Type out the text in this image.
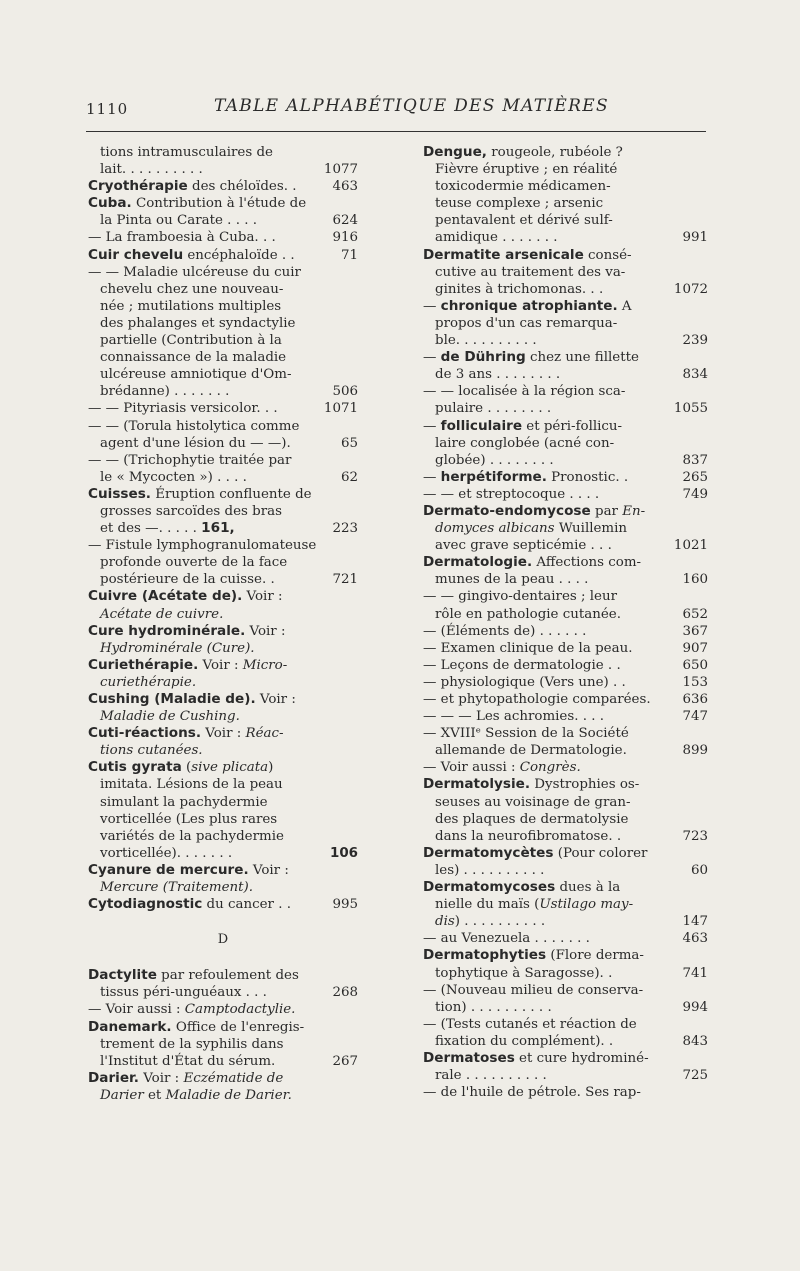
1110	TABLE ALPHABÉTIQUE DES MATIÈRES
tions intramusculaires de
lait. . . . . . . . . .	1077
Cryothérapie des chéloïdes. .	463
Cuba. Contribution à l'étude de
la Pinta ou Carate . . . .	624
— La framboesia à Cuba. . .	916
Cuir chevelu encéphaloïde . .	71
— — Maladie ulcéreuse du cuir
chevelu chez une nouveau-
née ; mutilations multiples
des phalanges et syndactylie
partielle (Contribution à la
connaissance de la maladie
ulcéreuse amniotique d'Om-
brédanne) . . . . . . .	506
— — Pityriasis versicolor. . .	1071
— — (Torula histolytica comme
agent d'une lésion du — —).	65
— — (Trichophytie traitée par
le « Mycocten ») . . . .	62
Cuisses. Éruption confluente de
grosses sarcoïdes des bras
et des —. . . . . 161,	223
— Fistule lymphogranulomateuse
profonde ouverte de la face
postérieure de la cuisse. .	721
Cuivre (Acétate de). Voir :
Acétate de cuivre.
Cure hydrominérale. Voir :
Hydrominérale (Cure).
Curiethérapie. Voir : Micro-
curiethérapie.
Cushing (Maladie de). Voir :
Maladie de Cushing.
Cuti-réactions. Voir : Réac-
tions cutanées.
Cutis gyrata (sive plicata)
imitata. Lésions de la peau
simulant la pachydermie
vorticellée (Les plus rares
variétés de la pachydermie
vorticellée). . . . . . .	106
Cyanure de mercure. Voir :
Mercure (Traitement).
Cytodiagnostic du cancer . .	995
D
Dactylite par refoulement des
tissus péri-unguéaux . . .	268
— Voir aussi : Camptodactylie.
Danemark. Office de l'enregis-
trement de la syphilis dans
l'Institut d'État du sérum.	267
Darier. Voir : Eczématide de
Darier et Maladie de Darier.
Dengue, rougeole, rubéole ?
Fièvre éruptive ; en réalité
toxicodermie médicamen-
teuse complexe ; arsenic
pentavalent et dérivé sulf-
amidique . . . . . . .	991
Dermatite arsenicale consé-
cutive au traitement des va-
ginites à trichomonas. . .	1072
— chronique atrophiante. A
propos d'un cas remarqua-
ble. . . . . . . . . .	239
— de Dühring chez une fillette
de 3 ans . . . . . . . .	834
— — localisée à la région sca-
pulaire . . . . . . . .	1055
— folliculaire et péri-follicu-
laire conglobée (acné con-
globée) . . . . . . . .	837
— herpétiforme. Pronostic. .	265
— — et streptocoque . . . .	749
Dermato-endomycose par En-
domyces albicans Wuillemin
avec grave septicémie . . .	1021
Dermatologie. Affections com-
munes de la peau . . . .	160
— — gingivo-dentaires ; leur
rôle en pathologie cutanée.	652
— (Éléments de) . . . . . .	367
— Examen clinique de la peau.	907
— Leçons de dermatologie . .	650
— physiologique (Vers une) . .	153
— et phytopathologie comparées. 636
— — — Les achromies. . . .	747
— XVIIIᵉ Session de la Société
allemande de Dermatologie.	899
— Voir aussi : Congrès.
Dermatolysie. Dystrophies os-
seuses au voisinage de gran-
des plaques de dermatolysie
dans la neurofibromatose. .	723
Dermatomycètes (Pour colorer
les) . . . . . . . . . .	60
Dermatomycoses dues à la
nielle du maïs (Ustilago may-
dis) . . . . . . . . . .	147
— au Venezuela . . . . . . .	463
Dermatophyties (Flore derma-
tophytique à Saragosse). .	741
— (Nouveau milieu de conserva-
tion) . . . . . . . . . .	994
— (Tests cutanés et réaction de
fixation du complément). .	843
Dermatoses et cure hydrominé-
rale . . . . . . . . . .	725
— de l'huile de pétrole. Ses rap-
